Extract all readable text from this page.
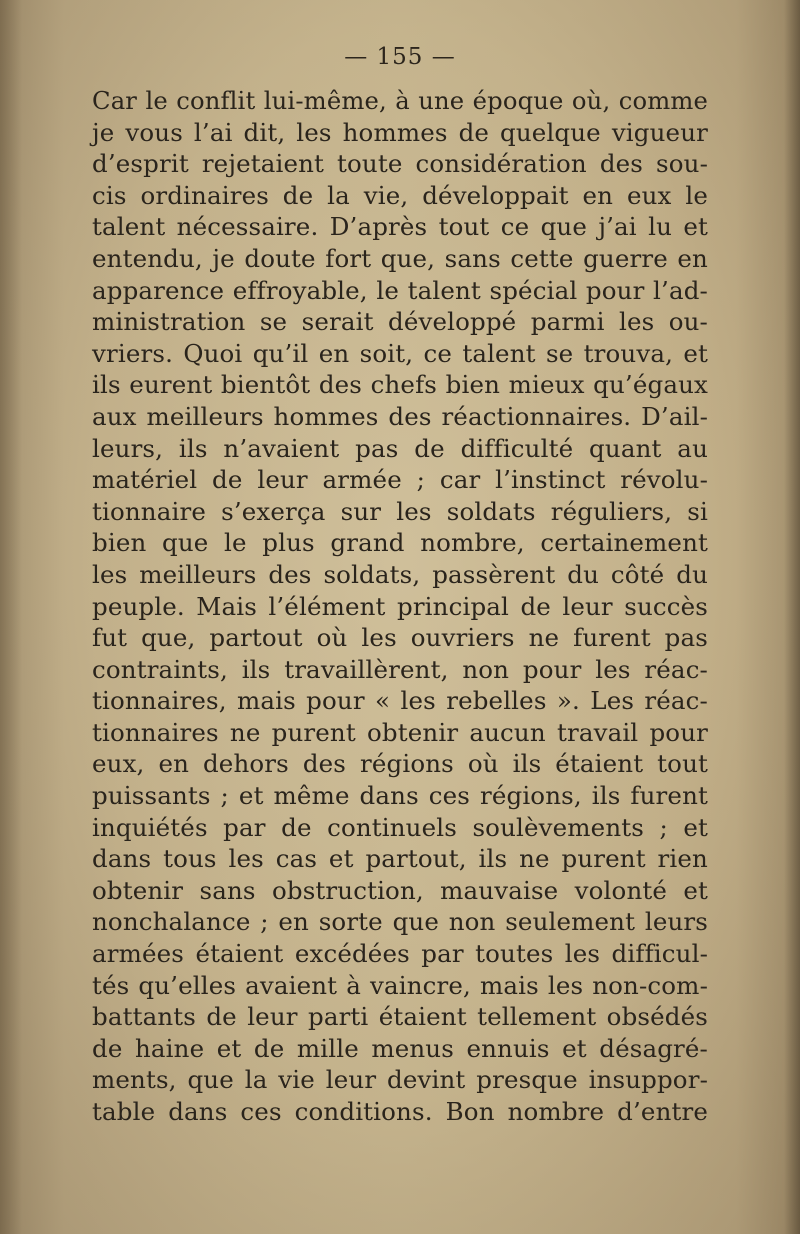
— 155 —
Car le conflit lui-même, à une époque où, comme
je vous l’ai dit, les hommes de quelque vigueur
d’esprit rejetaient toute considération des sou-
cis ordinaires de la vie, développait en eux le
talent nécessaire. D’après tout ce que j’ai lu et
entendu, je doute fort que, sans cette guerre en
apparence effroyable, le talent spécial pour l’ad-
ministration se serait développé parmi les ou-
vriers. Quoi qu’il en soit, ce talent se trouva, et
ils eurent bientôt des chefs bien mieux qu’égaux
aux meilleurs hommes des réactionnaires. D’ail-
leurs, ils n’avaient pas de difficulté quant au
matériel de leur armée ; car l’instinct révolu-
tionnaire s’exerça sur les soldats réguliers, si
bien que le plus grand nombre, certainement
les meilleurs des soldats, passèrent du côté du
peuple. Mais l’élément principal de leur succès
fut que, partout où les ouvriers ne furent pas
contraints, ils travaillèrent, non pour les réac-
tionnaires, mais pour « les rebelles ». Les réac-
tionnaires ne purent obtenir aucun travail pour
eux, en dehors des régions où ils étaient tout
puissants ; et même dans ces régions, ils furent
inquiétés par de continuels soulèvements ; et
dans tous les cas et partout, ils ne purent rien
obtenir sans obstruction, mauvaise volonté et
nonchalance ; en sorte que non seulement leurs
armées étaient excédées par toutes les difficul-
tés qu’elles avaient à vaincre, mais les non-com-
battants de leur parti étaient tellement obsédés
de haine et de mille menus ennuis et désagré-
ments, que la vie leur devint presque insuppor-
table dans ces conditions. Bon nombre d’entre
